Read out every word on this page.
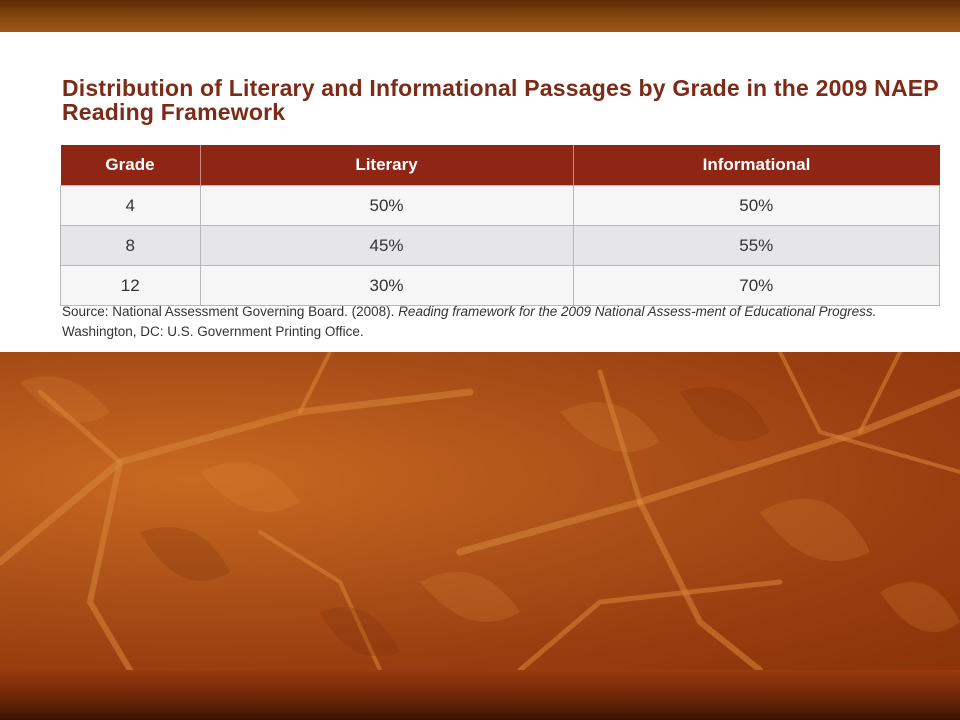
Distribution of Literary and Informational Passages by Grade in the 2009 NAEP Reading Framework
Grade	Literary	Informational
4	50%	50%
8	45%	55%
12	30%	70%

Source: National Assessment Governing Board. (2008). Reading framework for the 2009 National Assess-ment of Educational Progress. Washington, DC: U.S. Government Printing Office.
